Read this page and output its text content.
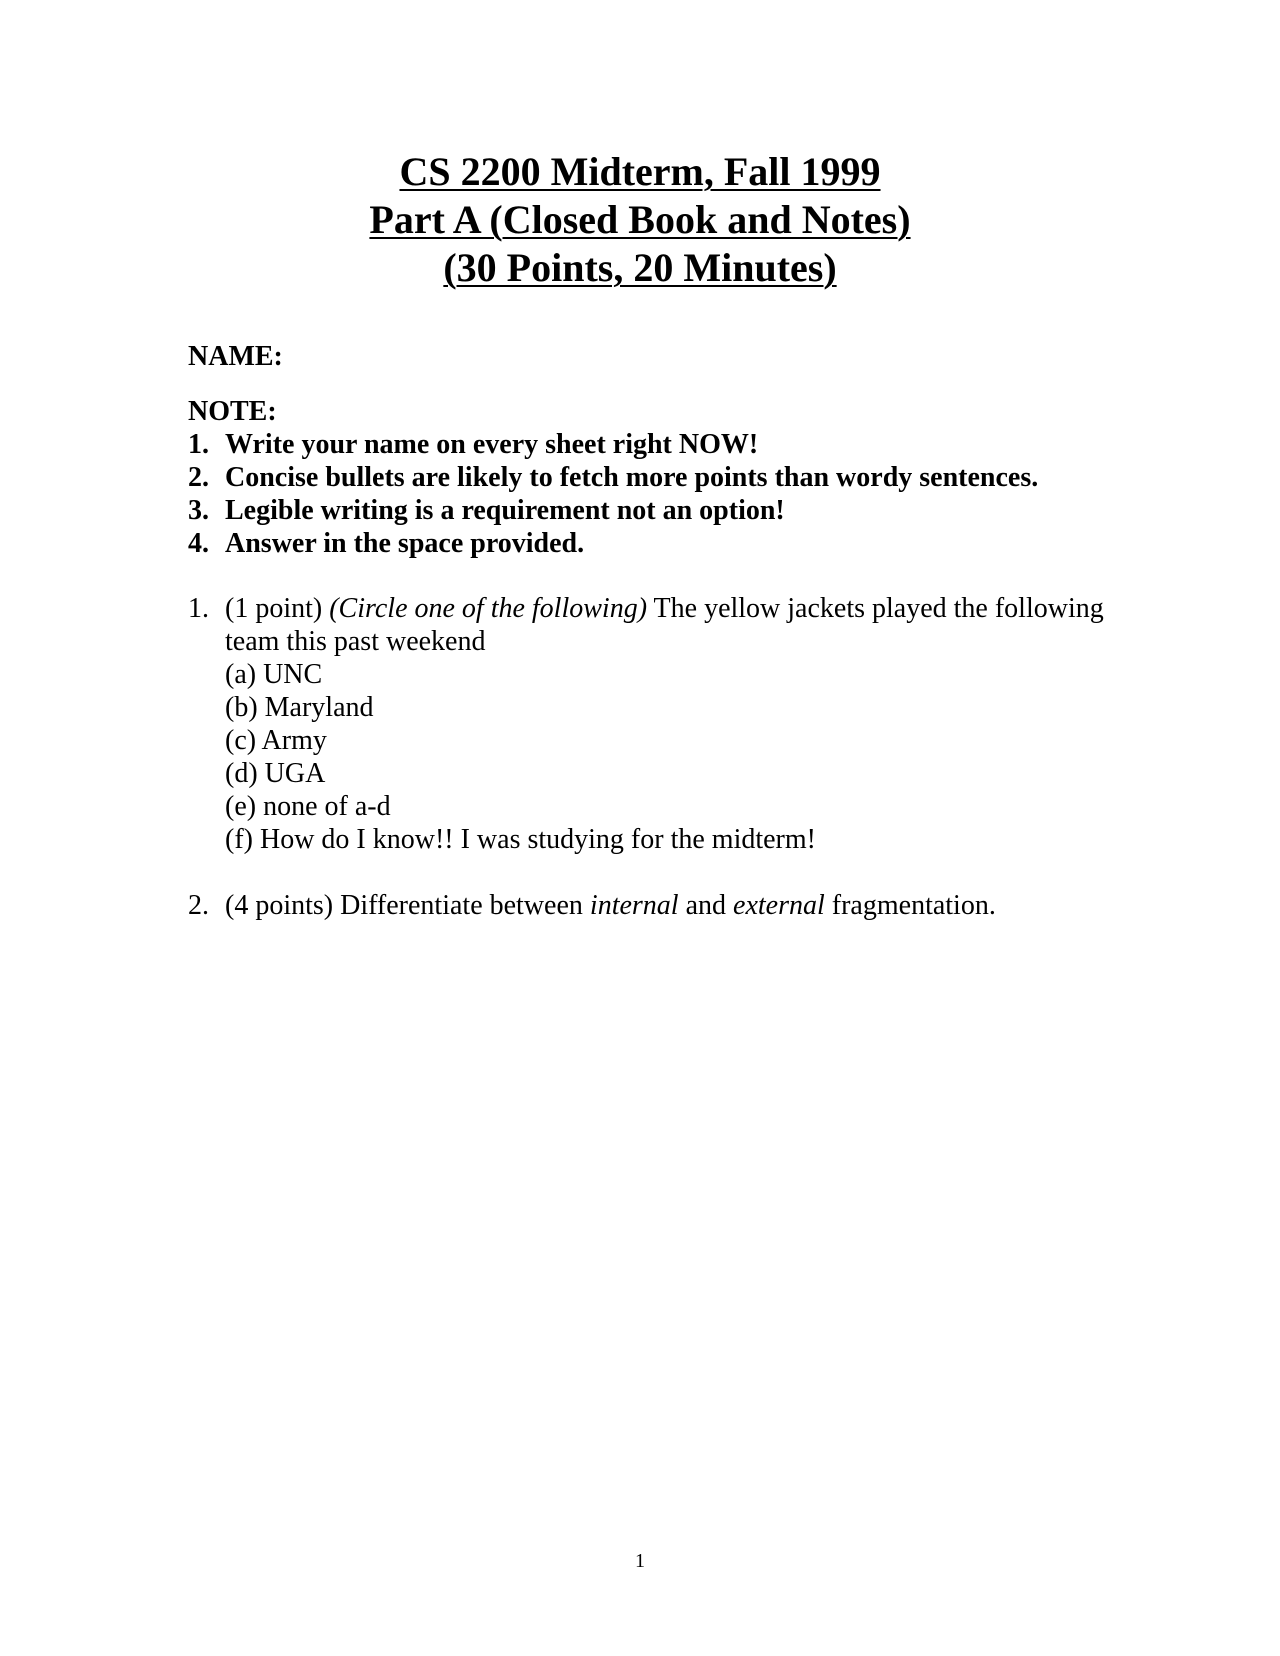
CS 2200 Midterm, Fall 1999
Part A (Closed Book and Notes)
(30 Points, 20 Minutes)

NAME:

NOTE:

1. Write your name on every sheet right NOW!
2. Concise bullets are likely to fetch more points than wordy sentences.
3. Legible writing is a requirement not an option!
4. Answer in the space provided.
1. (1 point) (Circle one of the following) The yellow jackets played the following team this past weekend
(a) UNC
(b) Maryland
(c) Army
(d) UGA
(e) none of a-d
(f) How do I know!! I was studying for the midterm!
2. (4 points) Differentiate between internal and external fragmentation.
1
